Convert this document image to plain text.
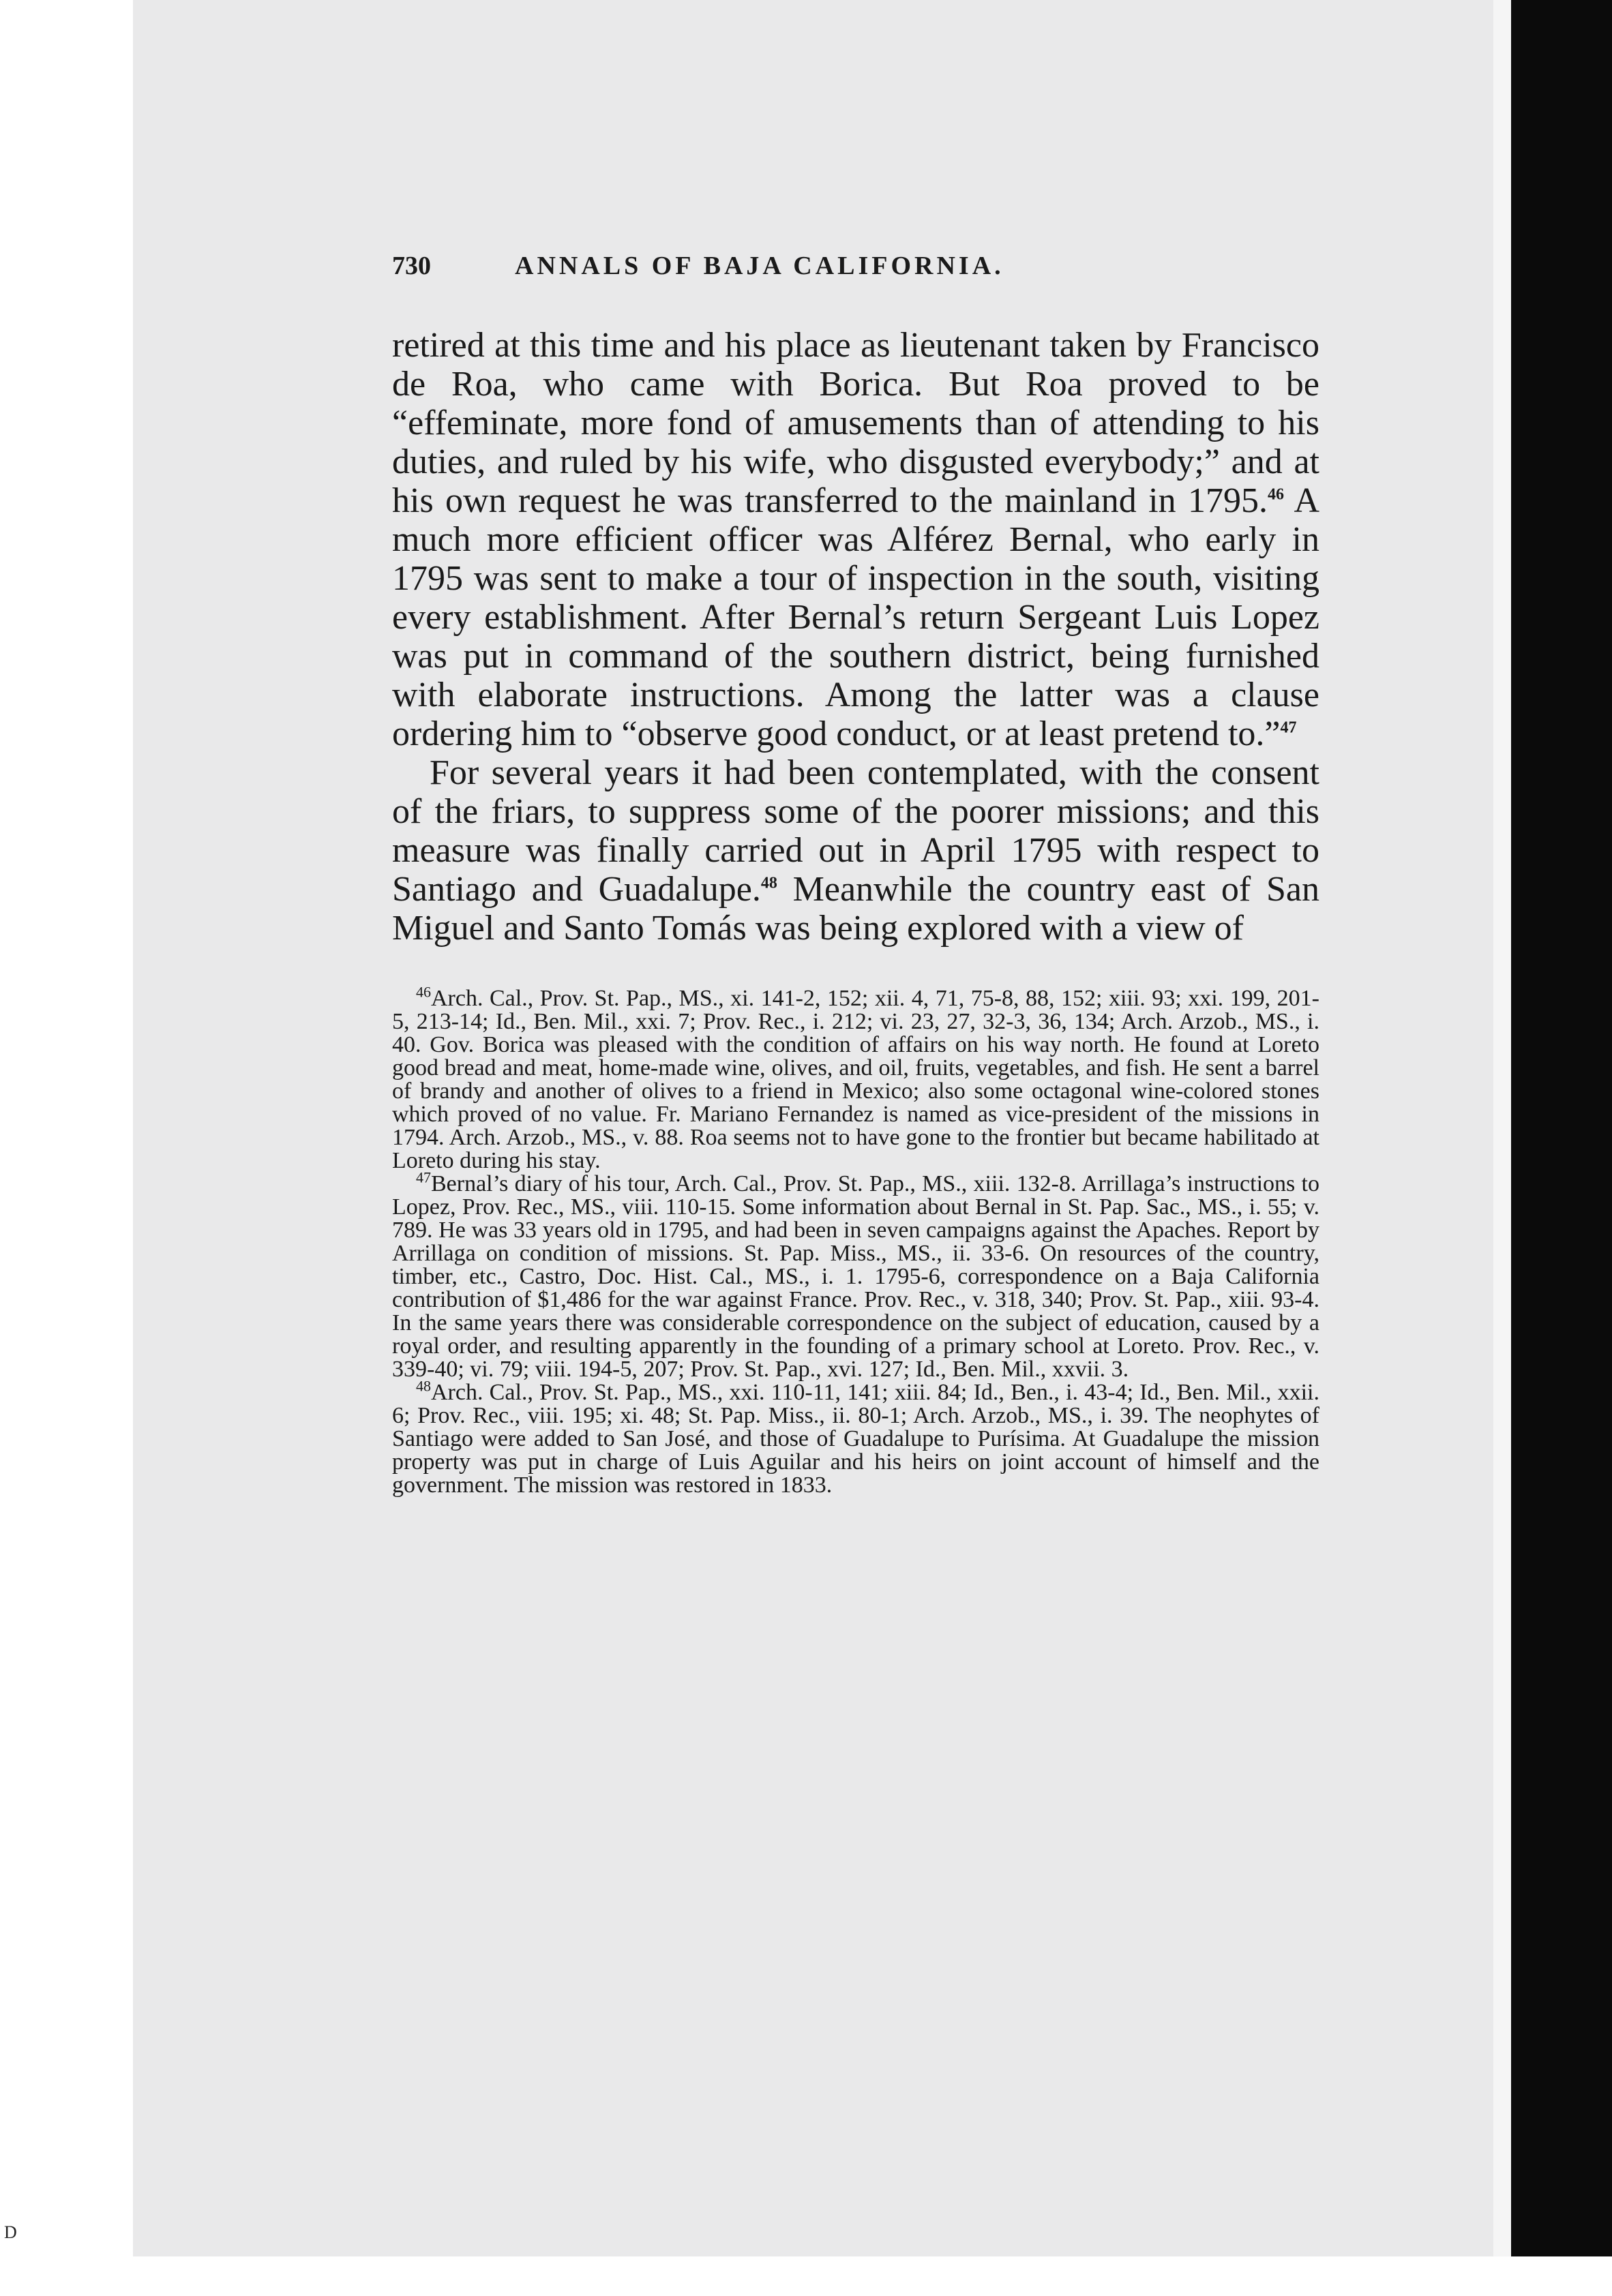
D
730	ANNALS OF BAJA CALIFORNIA.

retired at this time and his place as lieutenant taken by Francisco de Roa, who came with Borica. But Roa proved to be “effeminate, more fond of amusements than of attending to his duties, and ruled by his wife, who disgusted everybody;” and at his own request he was transferred to the mainland in 1795.46 A much more efficient officer was Alférez Bernal, who early in 1795 was sent to make a tour of inspection in the south, visiting every establishment. After Bernal’s return Sergeant Luis Lopez was put in command of the southern district, being furnished with elaborate instructions. Among the latter was a clause ordering him to “observe good conduct, or at least pretend to.”$^{47}$

For several years it had been contemplated, with the consent of the friars, to suppress some of the poorer missions; and this measure was finally carried out in April 1795 with respect to Santiago and Guadalupe.$^{48}$ Meanwhile the country east of San Miguel and Santo Tomás was being explored with a view of

$^{46}$Arch. Cal., Prov. St. Pap., MS., xi. 141-2, 152; xii. 4, 71, 75-8, 88, 152; xiii. 93; xxi. 199, 201-5, 213-14; Id., Ben. Mil., xxi. 7; Prov. Rec., i. 212; vi. 23, 27, 32-3, 36, 134; Arch. Arzob., MS., i. 40. Gov. Borica was pleased with the condition of affairs on his way north. He found at Loreto good bread and meat, home-made wine, olives, and oil, fruits, vegetables, and fish. He sent a barrel of brandy and another of olives to a friend in Mexico; also some octagonal wine-colored stones which proved of no value. Fr. Mariano Fernandez is named as vice-president of the missions in 1794. Arch. Arzob., MS., v. 88. Roa seems not to have gone to the frontier but became habilitado at Loreto during his stay.

$^{47}$Bernal’s diary of his tour, Arch. Cal., Prov. St. Pap., MS., xiii. 132-8. Arrillaga’s instructions to Lopez, Prov. Rec., MS., viii. 110-15. Some information about Bernal in St. Pap. Sac., MS., i. 55; v. 789. He was 33 years old in 1795, and had been in seven campaigns against the Apaches. Report by Arrillaga on condition of missions. St. Pap. Miss., MS., ii. 33-6. On resources of the country, timber, etc., Castro, Doc. Hist. Cal., MS., i. 1. 1795-6, correspondence on a Baja California contribution of $1,486 for the war against France. Prov. Rec., v. 318, 340; Prov. St. Pap., xiii. 93-4. In the same years there was considerable correspondence on the subject of education, caused by a royal order, and resulting apparently in the founding of a primary school at Loreto. Prov. Rec., v. 339-40; vi. 79; viii. 194-5, 207; Prov. St. Pap., xvi. 127; Id., Ben. Mil., xxvii. 3.

$^{48}$Arch. Cal., Prov. St. Pap., MS., xxi. 110-11, 141; xiii. 84; Id., Ben., i. 43-4; Id., Ben. Mil., xxii. 6; Prov. Rec., viii. 195; xi. 48; St. Pap. Miss., ii. 80-1; Arch. Arzob., MS., i. 39. The neophytes of Santiago were added to San José, and those of Guadalupe to Purísima. At Guadalupe the mission property was put in charge of Luis Aguilar and his heirs on joint account of himself and the government. The mission was restored in 1833.
